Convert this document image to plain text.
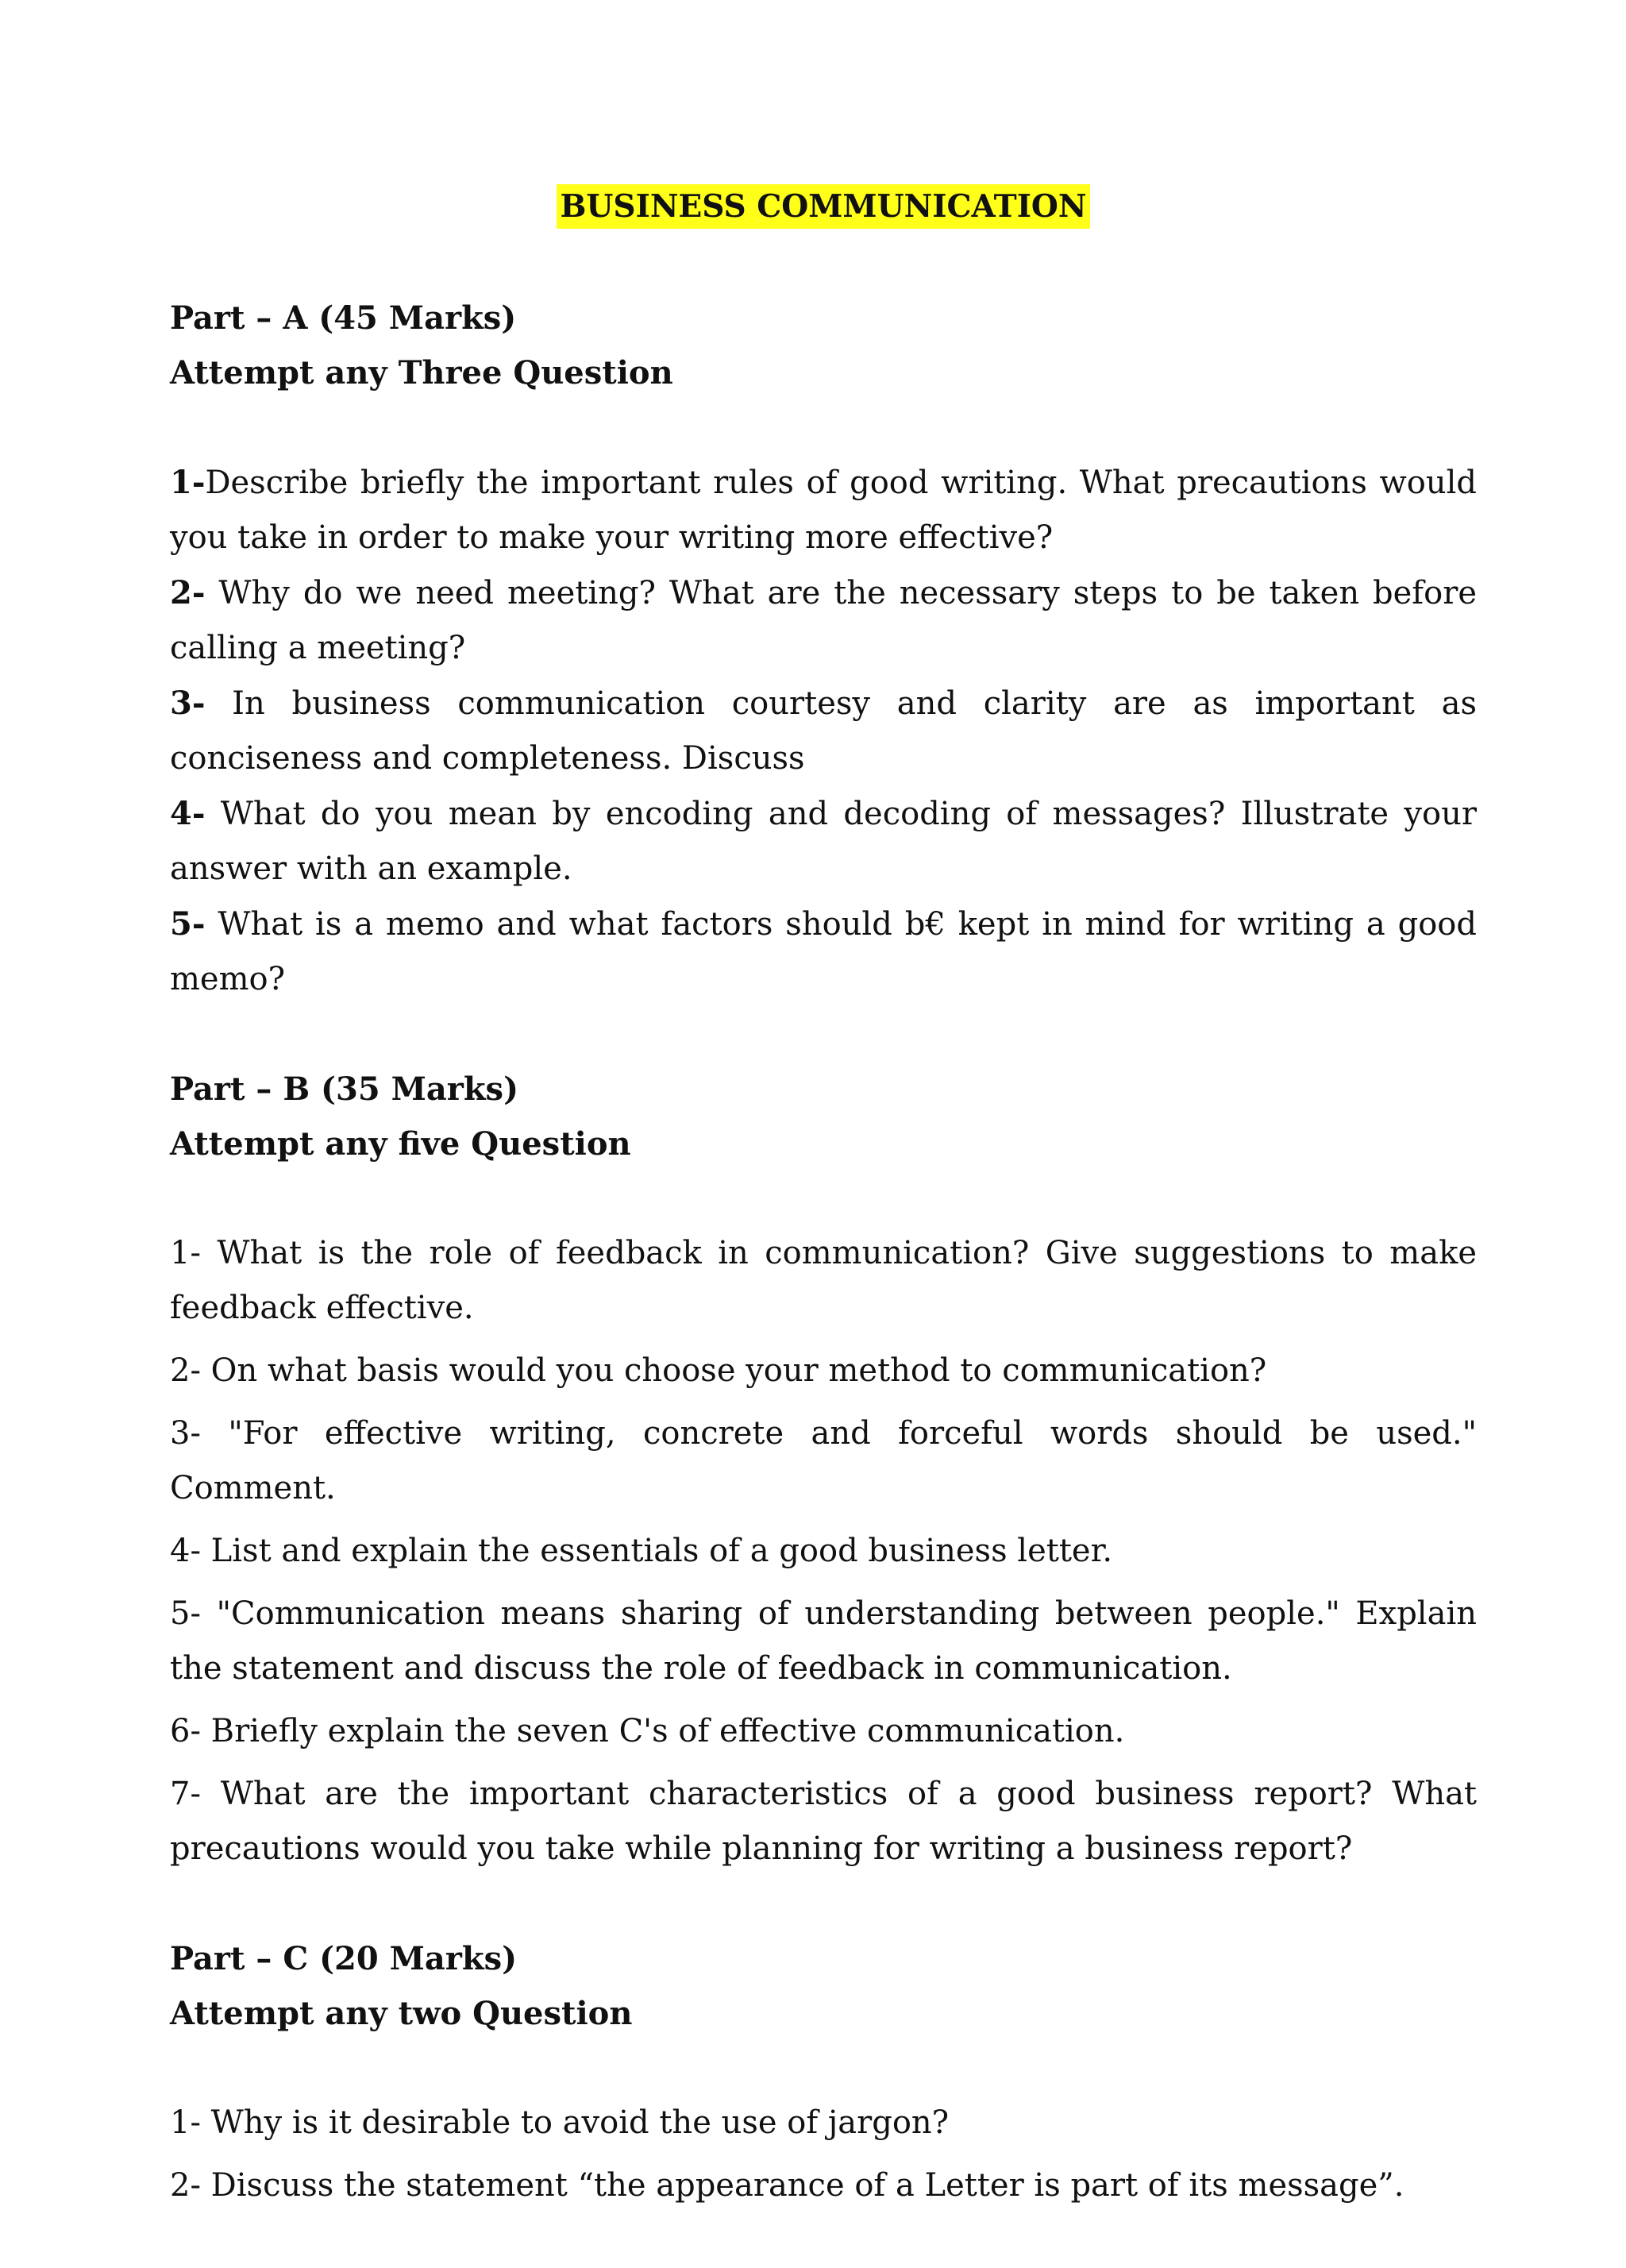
BUSINESS COMMUNICATION
Part – A (45 Marks)
Attempt any Three Question

1-Describe briefly the important rules of good writing. What precautions would you take in order to make your writing more effective?

2- Why do we need meeting? What are the necessary steps to be taken before calling a meeting?

3- In business communication courtesy and clarity are as important as conciseness and completeness. Discuss

4- What do you mean by encoding and decoding of messages? Illustrate your answer with an example.

5- What is a memo and what factors should b€ kept in mind for writing a good memo?

Part – B (35 Marks)
Attempt any five Question

1- What is the role of feedback in communication? Give suggestions to make feedback effective.

2- On what basis would you choose your method to communication?

3- "For effective writing, concrete and forceful words should be used." Comment.

4- List and explain the essentials of a good business letter.

5- "Communication means sharing of understanding between people." Explain the statement and discuss the role of feedback in communication.

6- Briefly explain the seven C's of effective communication.

7- What are the important characteristics of a good business report? What precautions would you take while planning for writing a business report?

Part – C (20 Marks)
Attempt any two Question

1- Why is it desirable to avoid the use of jargon?

2- Discuss the statement “the appearance of a Letter is part of its message”.
